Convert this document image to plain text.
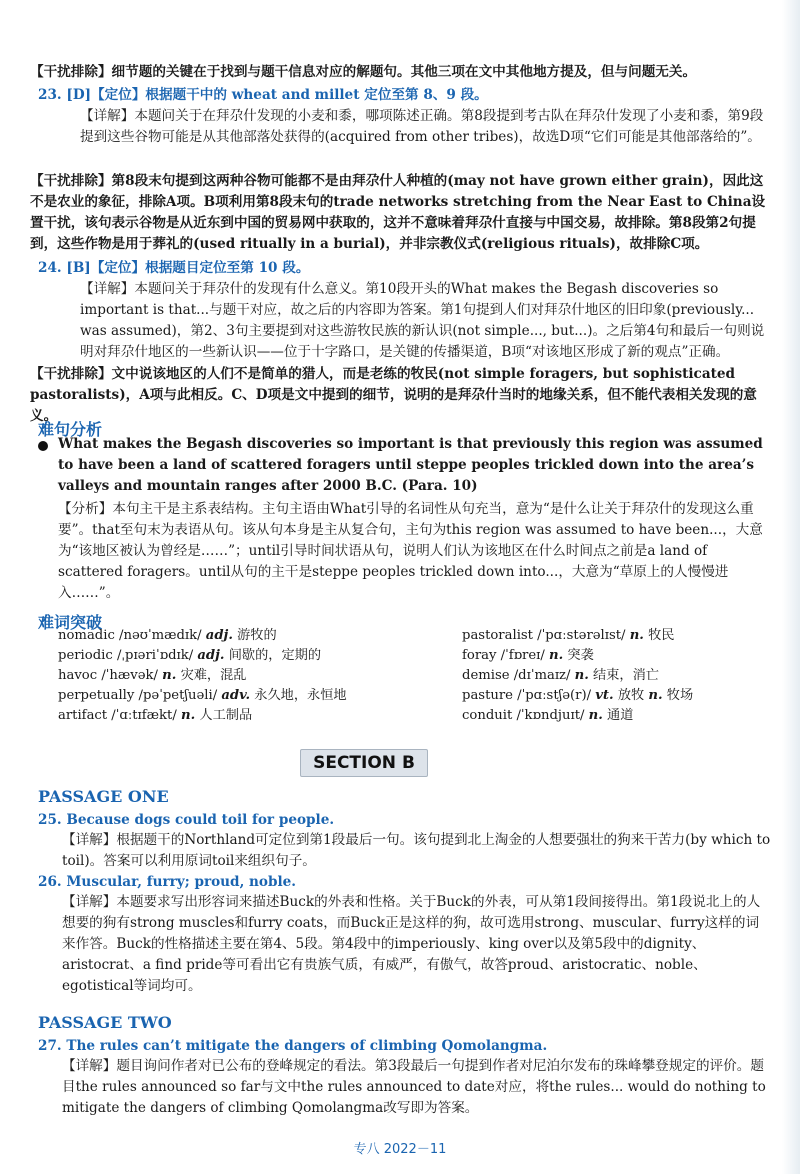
【干扰排除】细节题的关键在于找到与题干信息对应的解题句。其他三项在文中其他地方提及，但与问题无关。
23. [D]【定位】根据题干中的 wheat and millet 定位至第 8、9 段。
【详解】本题问关于在拜尕什发现的小麦和黍，哪项陈述正确。第8段提到考古队在拜尕什发现了小麦和黍，第9段提到这些谷物可能是从其他部落处获得的(acquired from other tribes)，故选D项“它们可能是其他部落给的”。
【干扰排除】第8段末句提到这两种谷物可能都不是由拜尕什人种植的(may not have grown either grain)，因此这不是农业的象征，排除A项。B项利用第8段末句的trade networks stretching from the Near East to China设置干扰，该句表示谷物是从近东到中国的贸易网中获取的，这并不意味着拜尕什直接与中国交易，故排除。第8段第2句提到，这些作物是用于葬礼的(used ritually in a burial)，并非宗教仪式(religious rituals)，故排除C项。
24. [B]【定位】根据题目定位至第 10 段。
【详解】本题问关于拜尕什的发现有什么意义。第10段开头的What makes the Begash discoveries so important is that...与题干对应，故之后的内容即为答案。第1句提到人们对拜尕什地区的旧印象(previously... was assumed)，第2、3句主要提到对这些游牧民族的新认识(not simple..., but...)。之后第4句和最后一句则说明对拜尕什地区的一些新认识——位于十字路口，是关键的传播渠道，B项“对该地区形成了新的观点”正确。
【干扰排除】文中说该地区的人们不是简单的猎人，而是老练的牧民(not simple foragers, but sophisticated pastoralists)，A项与此相反。C、D项是文中提到的细节，说明的是拜尕什当时的地缘关系，但不能代表相关发现的意义。
难句分析
What makes the Begash discoveries so important is that previously this region was assumed to have been a land of scattered foragers until steppe peoples trickled down into the area’s valleys and mountain ranges after 2000 B.C. (Para. 10)
【分析】本句主干是主系表结构。主句主语由What引导的名词性从句充当，意为“是什么让关于拜尕什的发现这么重要”。that至句末为表语从句。该从句本身是主从复合句，主句为this region was assumed to have been...，大意为“该地区被认为曾经是……”；until引导时间状语从句，说明人们认为该地区在什么时间点之前是a land of scattered foragers。until从句的主干是steppe peoples trickled down into...，大意为“草原上的人慢慢进入……”。
难词突破
nomadic /nəʊˈmædɪk/ adj. 游牧的
periodic /ˌpɪəriˈɒdɪk/ adj. 间歇的，定期的
havoc /ˈhævək/ n. 灾难，混乱
perpetually /pəˈpetʃuəli/ adv. 永久地，永恒地
artifact /ˈɑːtɪfækt/ n. 人工制品
pastoralist /ˈpɑːstərəlɪst/ n. 牧民
foray /ˈfɒreɪ/ n. 突袭
demise /dɪˈmaɪz/ n. 结束，消亡
pasture /ˈpɑːstʃə(r)/ vt. 放牧 n. 牧场
conduit /ˈkɒndjuɪt/ n. 通道
SECTION B
PASSAGE ONE
25. Because dogs could toil for people.
【详解】根据题干的Northland可定位到第1段最后一句。该句提到北上淘金的人想要强壮的狗来干苦力(by which to toil)。答案可以利用原词toil来组织句子。
26. Muscular, furry; proud, noble.
【详解】本题要求写出形容词来描述Buck的外表和性格。关于Buck的外表，可从第1段间接得出。第1段说北上的人想要的狗有strong muscles和furry coats，而Buck正是这样的狗，故可选用strong、muscular、furry这样的词来作答。Buck的性格描述主要在第4、5段。第4段中的imperiously、king over以及第5段中的dignity、aristocrat、a find pride等可看出它有贵族气质，有威严，有傲气，故答proud、aristocratic、noble、egotistical等词均可。
PASSAGE TWO
27. The rules can’t mitigate the dangers of climbing Qomolangma.
【详解】题目询问作者对已公布的登峰规定的看法。第3段最后一句提到作者对尼泊尔发布的珠峰攀登规定的评价。题目the rules announced so far与文中the rules announced to date对应，将the rules... would do nothing to mitigate the dangers of climbing Qomolangma改写即为答案。
专八 2022－11
